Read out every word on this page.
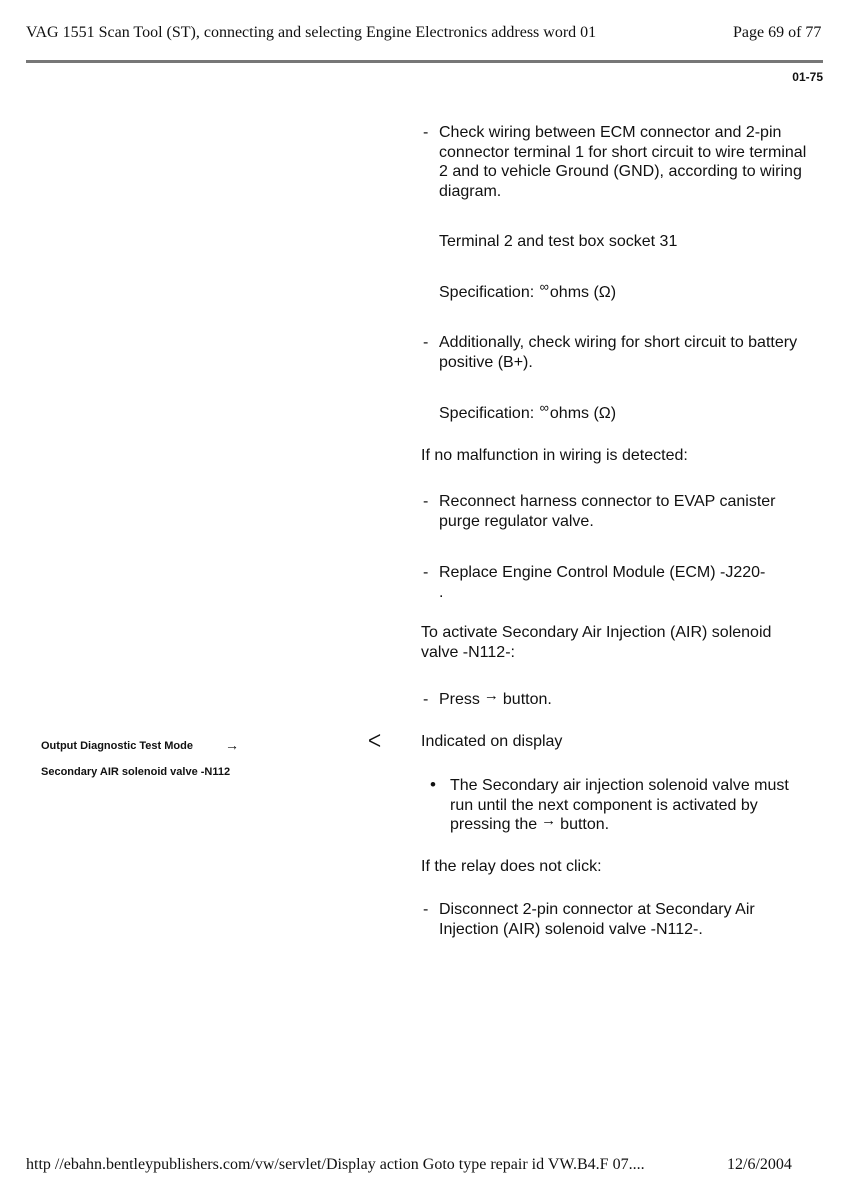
VAG 1551 Scan Tool (ST), connecting and selecting Engine Electronics address word 01	Page 69 of 77
01-75
- Check wiring between ECM connector and 2-pin connector terminal 1 for short circuit to wire terminal 2 and to vehicle Ground (GND), according to wiring diagram.
Terminal 2 and test box socket 31
Specification: ∞ohms (Ω)
- Additionally, check wiring for short circuit to battery positive (B+).
Specification: ∞ohms (Ω)
If no malfunction in wiring is detected:
- Reconnect harness connector to EVAP canister purge regulator valve.
- Replace Engine Control Module (ECM) -J220-
.
To activate Secondary Air Injection (AIR) solenoid valve -N112-:
- Press → button.
Indicated on display
• The Secondary air injection solenoid valve must run until the next component is activated by pressing the → button.
If the relay does not click:
- Disconnect 2-pin connector at Secondary Air Injection (AIR) solenoid valve -N112-.
Output Diagnostic Test Mode →
Secondary AIR solenoid valve -N112
ᐸ
http //ebahn.bentleypublishers.com/vw/servlet/Display action Goto type repair id VW.B4.F 07....	12/6/2004
